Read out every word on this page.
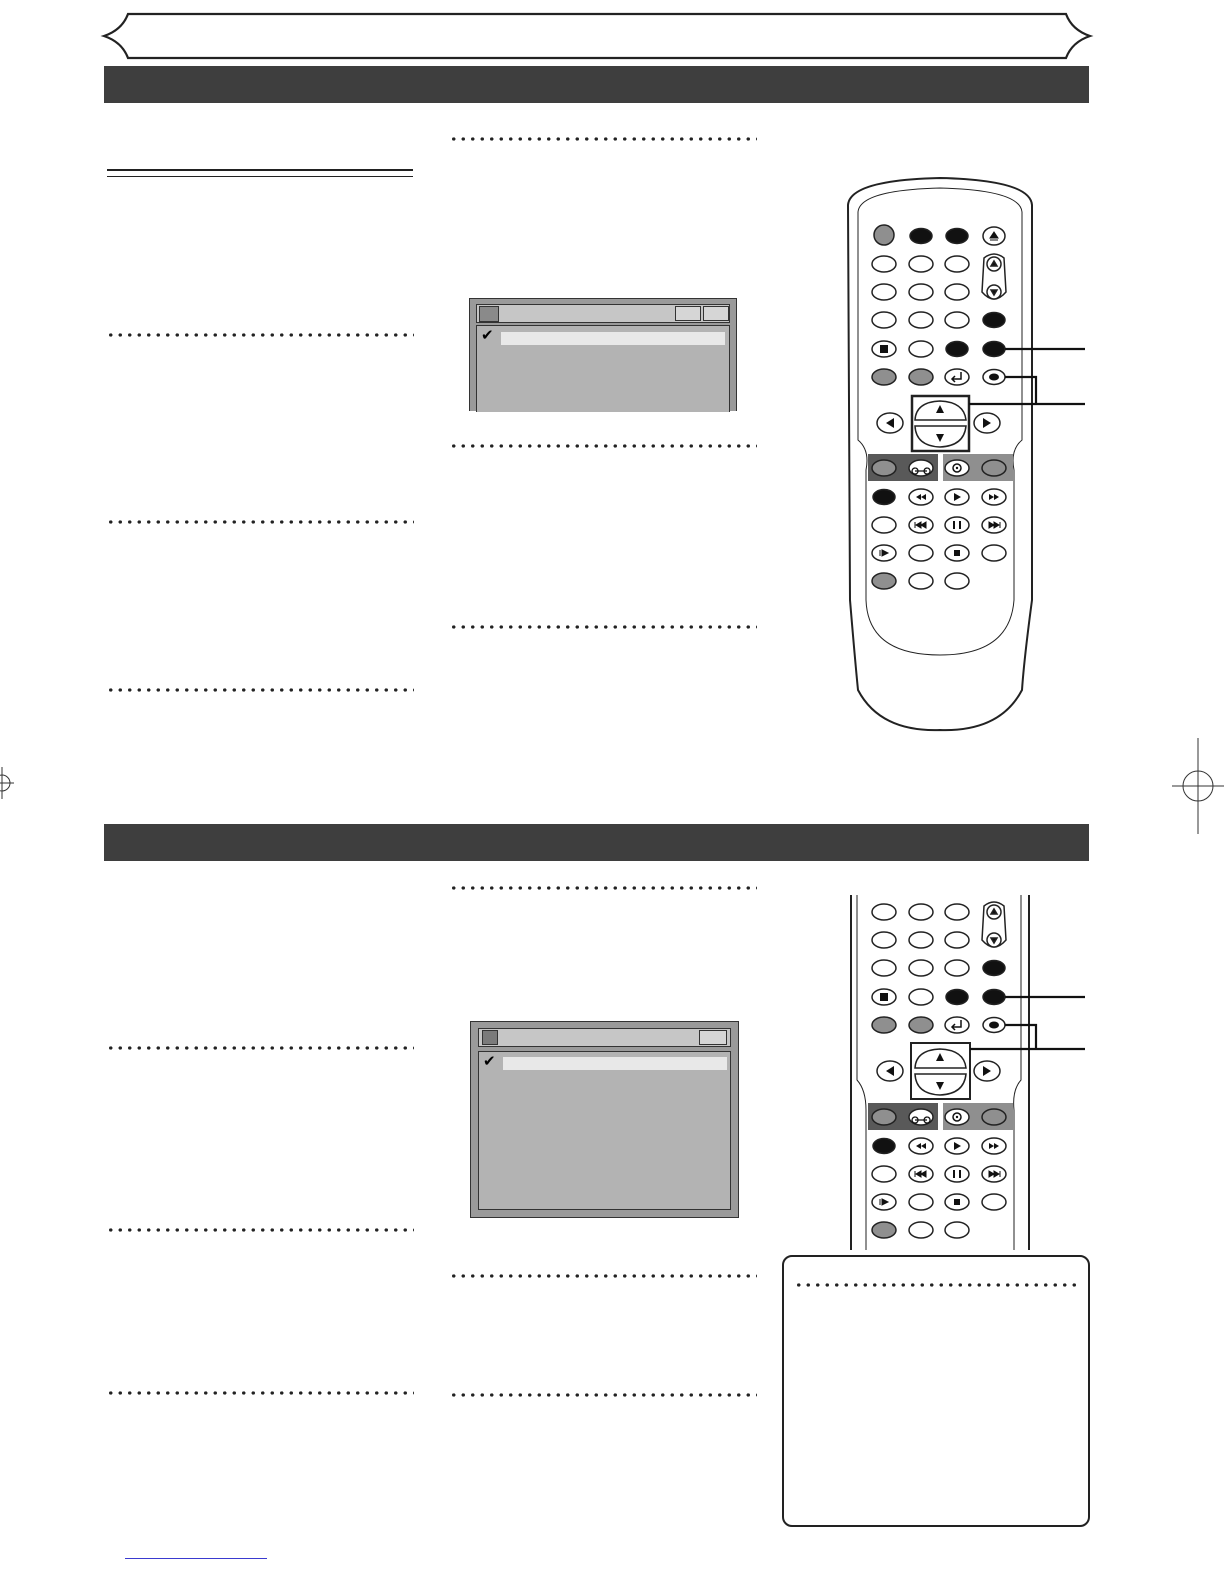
✔
✔
